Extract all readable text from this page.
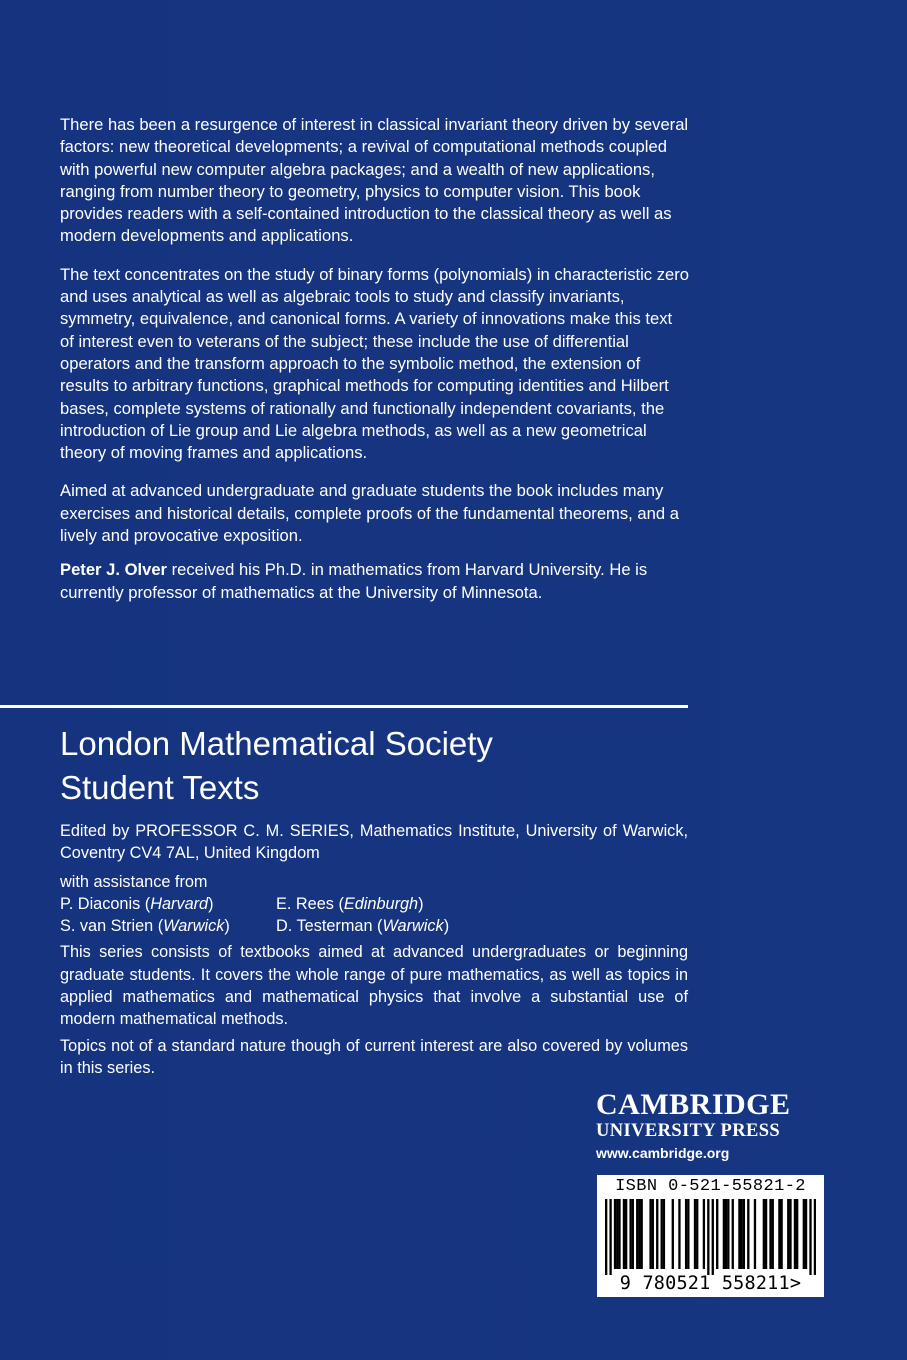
There has been a resurgence of interest in classical invariant theory driven by several factors: new theoretical developments; a revival of computational methods coupled with powerful new computer algebra packages; and a wealth of new applications, ranging from number theory to geometry, physics to computer vision. This book provides readers with a self-contained introduction to the classical theory as well as modern developments and applications.

The text concentrates on the study of binary forms (polynomials) in characteristic zero and uses analytical as well as algebraic tools to study and classify invariants, symmetry, equivalence, and canonical forms. A variety of innovations make this text of interest even to veterans of the subject; these include the use of differential operators and the transform approach to the symbolic method, the extension of results to arbitrary functions, graphical methods for computing identities and Hilbert bases, complete systems of rationally and functionally independent covariants, the introduction of Lie group and Lie algebra methods, as well as a new geometrical theory of moving frames and applications.

Aimed at advanced undergraduate and graduate students the book includes many exercises and historical details, complete proofs of the fundamental theorems, and a lively and provocative exposition.

Peter J. Olver received his Ph.D. in mathematics from Harvard University. He is currently professor of mathematics at the University of Minnesota.

London Mathematical Society
Student Texts

Edited by PROFESSOR C. M. SERIES, Mathematics Institute, University of Warwick, Coventry CV4 7AL, United Kingdom

with assistance from

P. Diaconis (Harvard)	E. Rees (Edinburgh)
S. van Strien (Warwick)	D. Testerman (Warwick)

This series consists of textbooks aimed at advanced undergraduates or beginning graduate students. It covers the whole range of pure mathematics, as well as topics in applied mathematics and mathematical physics that involve a substantial use of modern mathematical methods.

Topics not of a standard nature though of current interest are also covered by volumes in this series.

CAMBRIDGE
UNIVERSITY PRESS
www.cambridge.org
ISBN 0-521-55821-2
9 780521 558211>
